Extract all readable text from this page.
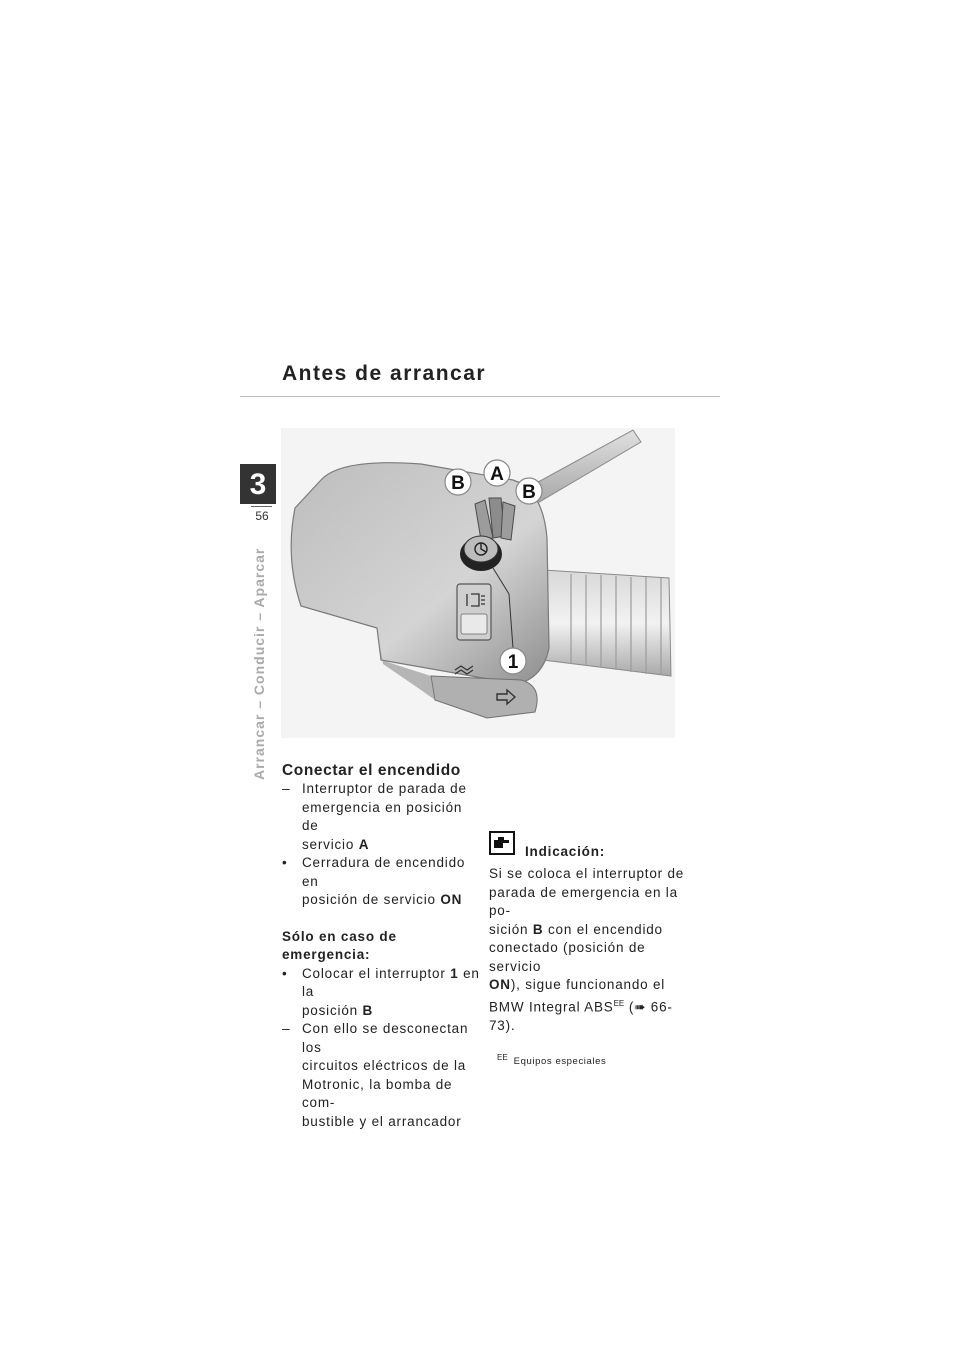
Antes de arrancar
3
56
Arrancar – Conducir – Aparcar
B A
B
1
Conectar el encendido
– Interruptor de parada de
emergencia en posición de
servicio A
• Cerradura de encendido en
posición de servicio ON
Sólo en caso de emergencia:
• Colocar el interruptor 1 en la
posición B
– Con ello se desconectan los
circuitos eléctricos de la
Motronic, la bomba de com-
bustible y el arrancador
Indicación:
Si se coloca el interruptor de
parada de emergencia en la po-
sición B con el encendido
conectado (posición de servicio
ON), sigue funcionando el
BMW Integral $ABS^{EE}$ (➠ 66-73).
$^{EE}$ Equipos especiales
